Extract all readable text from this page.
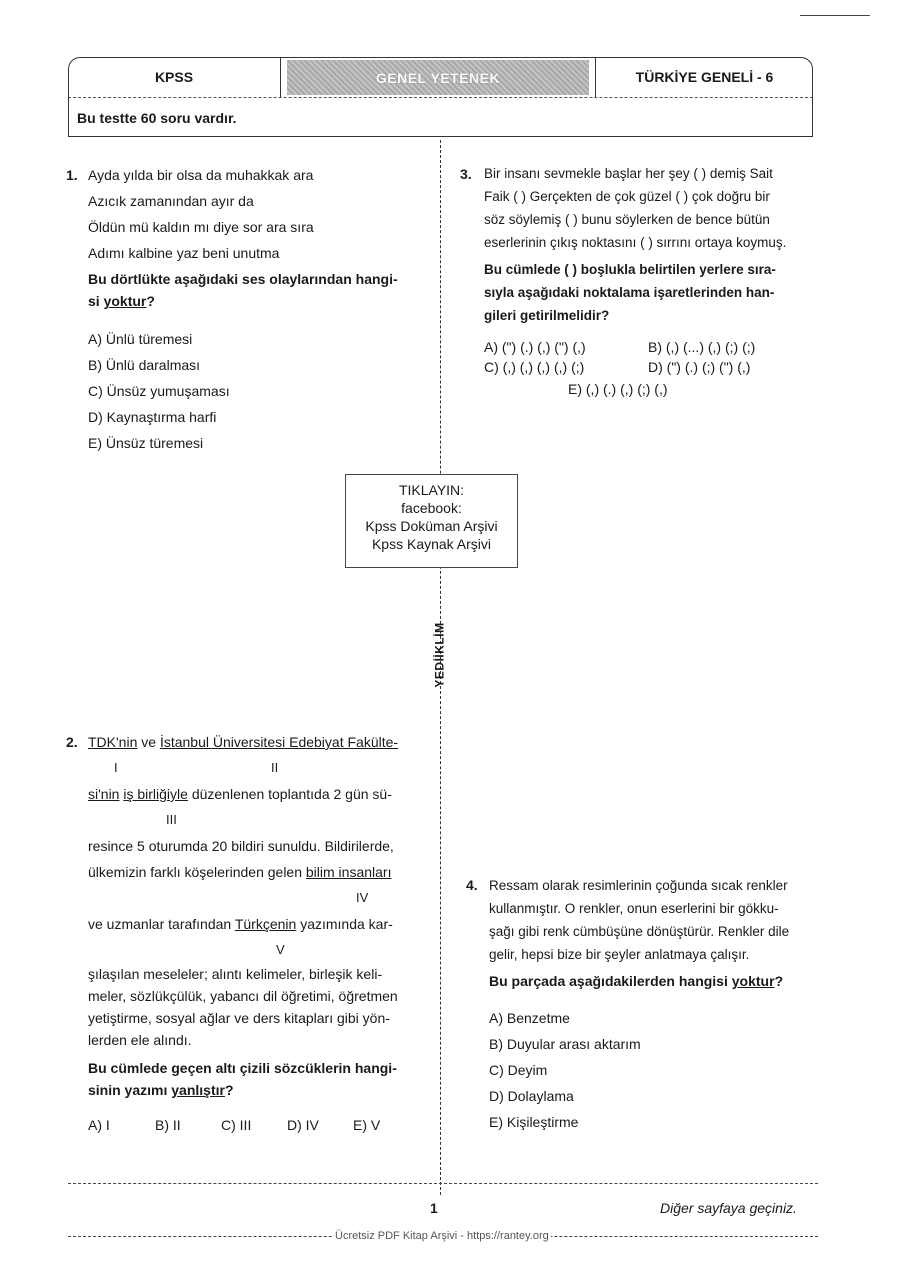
KPSS	GENEL YETENEK	TÜRKİYE GENELİ - 6
Bu testte 60 soru vardır.
1. Ayda yılda bir olsa da muhakkak ara
Azıcık zamanından ayır da
Öldün mü kaldın mı diye sor ara sıra
Adımı kalbine yaz beni unutma
Bu dörtlükte aşağıdaki ses olaylarından hangi-
si yoktur?
A) Ünlü türemesi
B) Ünlü daralması
C) Ünsüz yumuşaması
D) Kaynaştırma harfi
E) Ünsüz türemesi
3. Bir insanı sevmekle başlar her şey ( ) demiş Sait
Faik ( ) Gerçekten de çok güzel ( ) çok doğru bir
söz söylemiş ( ) bunu söylerken de bence bütün
eserlerinin çıkış noktasını ( ) sırrını ortaya koymuş.
Bu cümlede ( ) boşlukla belirtilen yerlere sıra-
sıyla aşağıdaki noktalama işaretlerinden han-
gileri getirilmelidir?
A) (") (.) (,) (") (,)	B) (,) (...) (,) (;) (;)
C) (,) (,) (,) (,) (;)	D) (") (.) (;) (") (,)
E) (,) (.) (,) (;) (,)
TIKLAYIN:
facebook:
Kpss Doküman Arşivi
Kpss Kaynak Arşivi
YEDİİKLİM
2. TDK'nin ve İstanbul Üniversitesi Edebiyat Fakülte-
I	II
si'nin iş birliğiyle düzenlenen toplantıda 2 gün sü-
III
resince 5 oturumda 20 bildiri sunuldu. Bildirilerde,
ülkemizin farklı köşelerinden gelen bilim insanları
IV
ve uzmanlar tarafından Türkçenin yazımında kar-
V
şılaşılan meseleler; alıntı kelimeler, birleşik keli-
meler, sözlükçülük, yabancı dil öğretimi, öğretmen
yetiştirme, sosyal ağlar ve ders kitapları gibi yön-
lerden ele alındı.
Bu cümlede geçen altı çizili sözcüklerin hangi-
sinin yazımı yanlıştır?
A) I	B) II	C) III	D) IV E) V
4. Ressam olarak resimlerinin çoğunda sıcak renkler
kullanmıştır. O renkler, onun eserlerini bir gökku-
şağı gibi renk cümbüşüne dönüştürür. Renkler dile
gelir, hepsi bize bir şeyler anlatmaya çalışır.
Bu parçada aşağıdakilerden hangisi yoktur?
A) Benzetme
B) Duyular arası aktarım
C) Deyim
D) Dolaylama
E) Kişileştirme
1	Diğer sayfaya geçiniz.
Ücretsiz PDF Kitap Arşivi - https://rantey.org
